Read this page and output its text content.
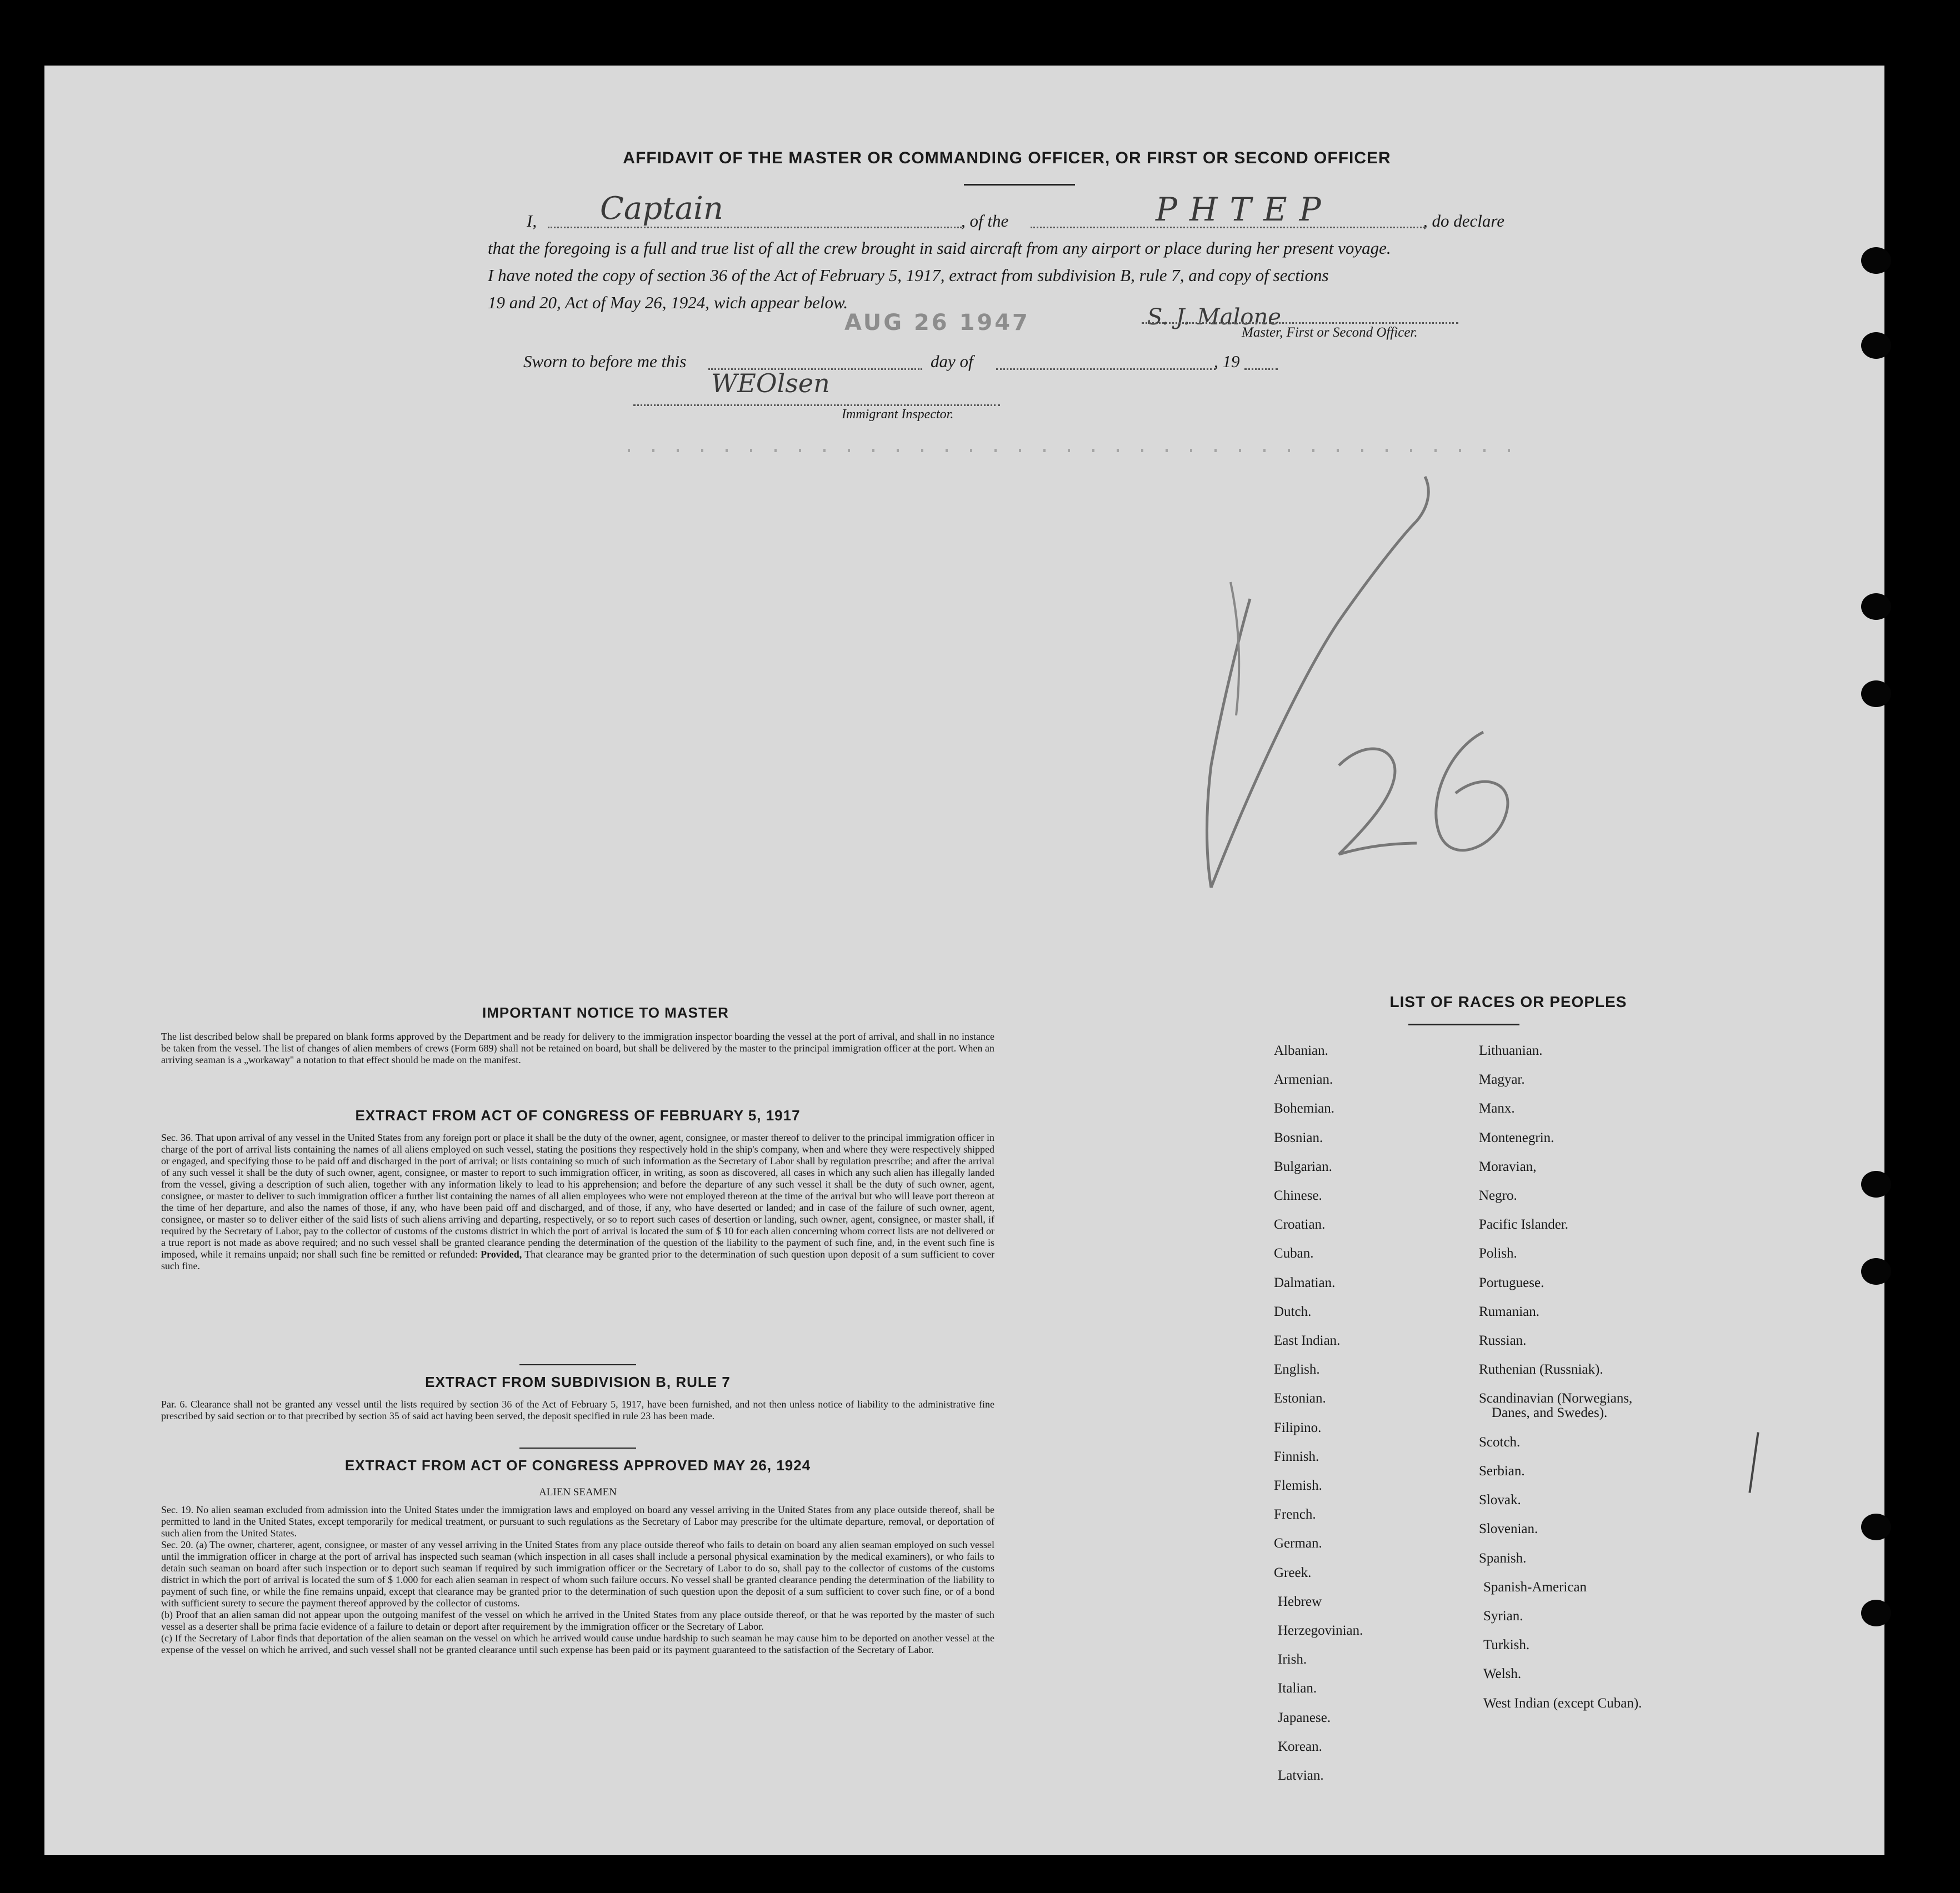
AFFIDAVIT OF THE MASTER OR COMMANDING OFFICER, OR FIRST OR SECOND OFFICER
I, Captain	, of the	PHTEP	, do declare
that the foregoing is a full and true list of all the crew brought in said aircraft from any airport or place during her present voyage.
I have noted the copy of section 36 of the Act of February 5, 1917, extract from subdivision B, rule 7, and copy of sections
19 and 20, Act of May 26, 1924, wich appear below.
AUG 26 1947	S. J. Malone
Master, First or Second Officer.
Sworn to before me this	day of	, 19
WEOlsen
Immigrant Inspector.
8/26
IMPORTANT NOTICE TO MASTER
The list described below shall be prepared on blank forms approved by the Department and be ready for delivery to the immigration inspector boarding the vessel at the port of arrival, and shall in no instance be taken from the vessel. The list of changes of alien members of crews (Form 689) shall not be retained on board, but shall be delivered by the master to the principal immigration officer at the port. When an arriving seaman is a „workaway" a notation to that effect should be made on the manifest.
EXTRACT FROM ACT OF CONGRESS OF FEBRUARY 5, 1917
Sec. 36. That upon arrival of any vessel in the United States from any foreign port or place it shall be the duty of the owner, agent, consignee, or master thereof to deliver to the principal immigration officer in charge of the port of arrival lists containing the names of all aliens employed on such vessel, stating the positions they respectively hold in the ship's company, when and where they were respectively shipped or engaged, and specifying those to be paid off and discharged in the port of arrival; or lists containing so much of such information as the Secretary of Labor shall by regulation prescribe; and after the arrival of any such vessel it shall be the duty of such owner, agent, consignee, or master to report to such immigration officer, in writing, as soon as discovered, all cases in which any such alien has illegally landed from the vessel, giving a description of such alien, together with any information likely to lead to his apprehension; and before the departure of any such vessel it shall be the duty of such owner, agent, consignee, or master to deliver to such immigration officer a further list containing the names of all alien employees who were not employed thereon at the time of the arrival but who will leave port thereon at the time of her departure, and also the names of those, if any, who have been paid off and discharged, and of those, if any, who have deserted or landed; and in case of the failure of such owner, agent, consignee, or master so to deliver either of the said lists of such aliens arriving and departing, respectively, or so to report such cases of desertion or landing, such owner, agent, consignee, or master shall, if required by the Secretary of Labor, pay to the collector of customs of the customs district in which the port of arrival is located the sum of $ 10 for each alien concerning whom correct lists are not delivered or a true report is not made as above required; and no such vessel shall be granted clearance pending the determination of the question of the liability to the payment of such fine, and, in the event such fine is imposed, while it remains unpaid; nor shall such fine be remitted or refunded: Provided, That clearance may be granted prior to the determination of such question upon deposit of a sum sufficient to cover such fine.
EXTRACT FROM SUBDIVISION B, RULE 7
Par. 6. Clearance shall not be granted any vessel until the lists required by section 36 of the Act of February 5, 1917, have been furnished, and not then unless notice of liability to the administrative fine prescribed by said section or to that precribed by section 35 of said act having been served, the deposit specified in rule 23 has been made.
EXTRACT FROM ACT OF CONGRESS APPROVED MAY 26, 1924
ALIEN SEAMEN
Sec. 19. No alien seaman excluded from admission into the United States under the immigration laws and employed on board any vessel arriving in the United States from any place outside thereof, shall be permitted to land in the United States, except temporarily for medical treatment, or pursuant to such regulations as the Secretary of Labor may prescribe for the ultimate departure, removal, or deportation of such alien from the United States.
Sec. 20. (a) The owner, charterer, agent, consignee, or master of any vessel arriving in the United States from any place outside thereof who fails to detain on board any alien seaman employed on such vessel until the immigration officer in charge at the port of arrival has inspected such seaman (which inspection in all cases shall include a personal physical examination by the medical examiners), or who fails to detain such seaman on board after such inspection or to deport such seaman if required by such immigration officer or the Secretary of Labor to do so, shall pay to the collector of customs of the customs district in which the port of arrival is located the sum of $ 1.000 for each alien seaman in respect of whom such failure occurs. No vessel shall be granted clearance pending the determination of the liability to payment of such fine, or while the fine remains unpaid, except that clearance may be granted prior to the determination of such question upon the deposit of a sum sufficient to cover such fine, or of a bond with sufficient surety to secure the payment thereof approved by the collector of customs.
(b) Proof that an alien saman did not appear upon the outgoing manifest of the vessel on which he arrived in the United States from any place outside thereof, or that he was reported by the master of such vessel as a deserter shall be prima facie evidence of a failure to detain or deport after requirement by the immigration officer or the Secretary of Labor.
(c) If the Secretary of Labor finds that deportation of the alien seaman on the vessel on which he arrived would cause undue hardship to such seaman he may cause him to be deported on another vessel at the expense of the vessel on which he arrived, and such vessel shall not be granted clearance until such expense has been paid or its payment guaranteed to the satisfaction of the Secretary of Labor.
LIST OF RACES OR PEOPLES
Albanian.
Armenian.
Bohemian.
Bosnian.
Bulgarian.
Chinese.
Croatian.
Cuban.
Dalmatian.
Dutch.
East Indian.
English.
Estonian.
Filipino.
Finnish.
Flemish.
French.
German.
Greek.
Hebrew
Herzegovinian.
Irish.
Italian.
Japanese.
Korean.
Latvian.
Lithuanian.
Magyar.
Manx.
Montenegrin.
Moravian,
Negro.
Pacific Islander.
Polish.
Portuguese.
Rumanian.
Russian.
Ruthenian (Russniak).
Scandinavian (Norwegians,
Danes, and Swedes).
Scotch.
Serbian.
Slovak.
Slovenian.
Spanish.
Spanish-American
Syrian.
Turkish.
Welsh.
West Indian (except Cuban).
